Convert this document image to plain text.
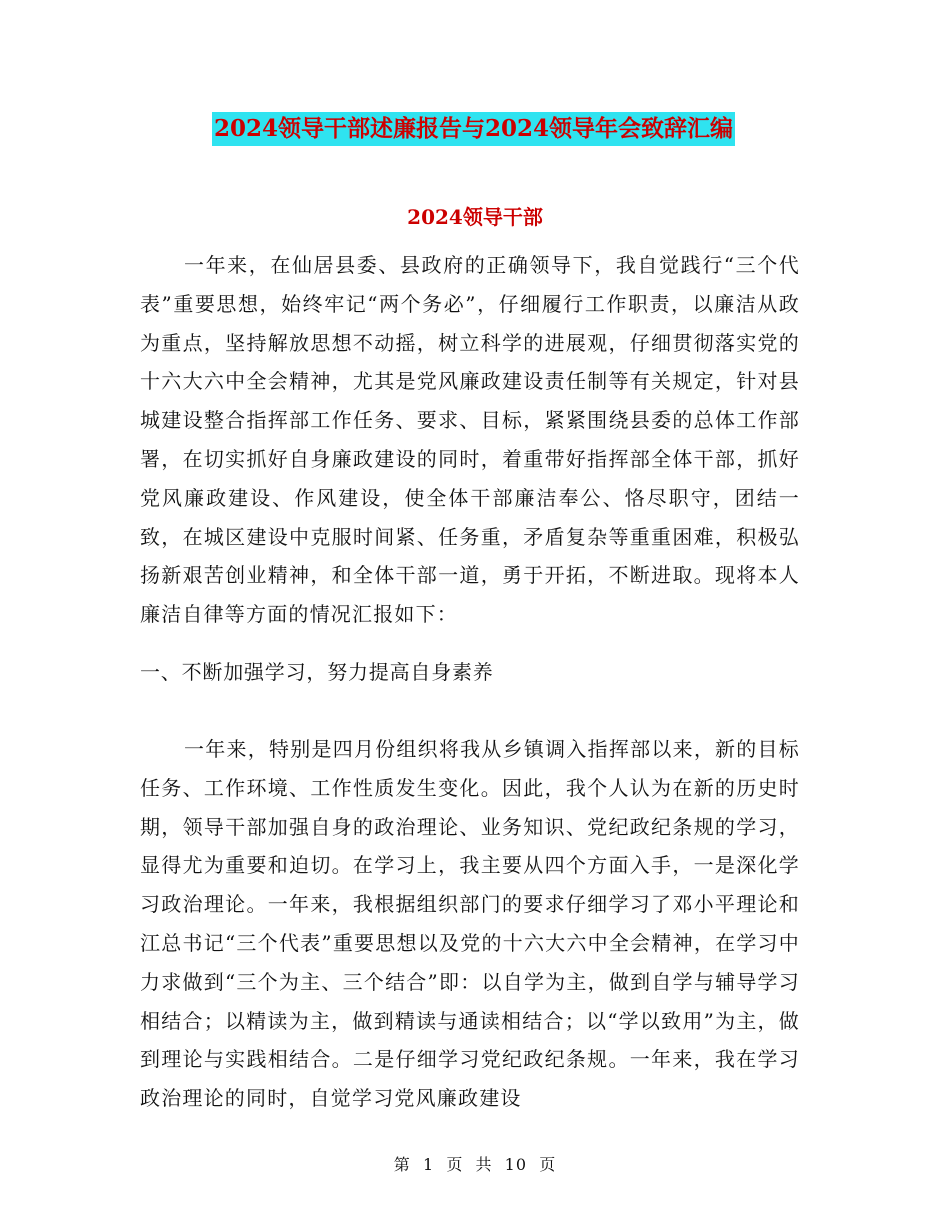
2024领导干部述廉报告与2024领导年会致辞汇编
2024领导干部

一年来，在仙居县委、县政府的正确领导下，我自觉践行“三个代表”重要思想，始终牢记“两个务必”，仔细履行工作职责，以廉洁从政为重点，坚持解放思想不动摇，树立科学的进展观，仔细贯彻落实党的十六大六中全会精神，尤其是党风廉政建设责任制等有关规定，针对县城建设整合指挥部工作任务、要求、目标，紧紧围绕县委的总体工作部署，在切实抓好自身廉政建设的同时，着重带好指挥部全体干部，抓好党风廉政建设、作风建设，使全体干部廉洁奉公、恪尽职守，团结一致，在城区建设中克服时间紧、任务重，矛盾复杂等重重困难，积极弘扬新艰苦创业精神，和全体干部一道，勇于开拓，不断进取。现将本人廉洁自律等方面的情况汇报如下：

一、不断加强学习，努力提高自身素养

一年来，特别是四月份组织将我从乡镇调入指挥部以来，新的目标任务、工作环境、工作性质发生变化。因此，我个人认为在新的历史时期，领导干部加强自身的政治理论、业务知识、党纪政纪条规的学习，显得尤为重要和迫切。在学习上，我主要从四个方面入手，一是深化学习政治理论。一年来，我根据组织部门的要求仔细学习了邓小平理论和江总书记“三个代表”重要思想以及党的十六大六中全会精神，在学习中力求做到“三个为主、三个结合”即：以自学为主，做到自学与辅导学习相结合；以精读为主，做到精读与通读相结合；以“学以致用”为主，做到理论与实践相结合。二是仔细学习党纪政纪条规。一年来，我在学习政治理论的同时，自觉学习党风廉政建设

第  1  页  共  10  页
